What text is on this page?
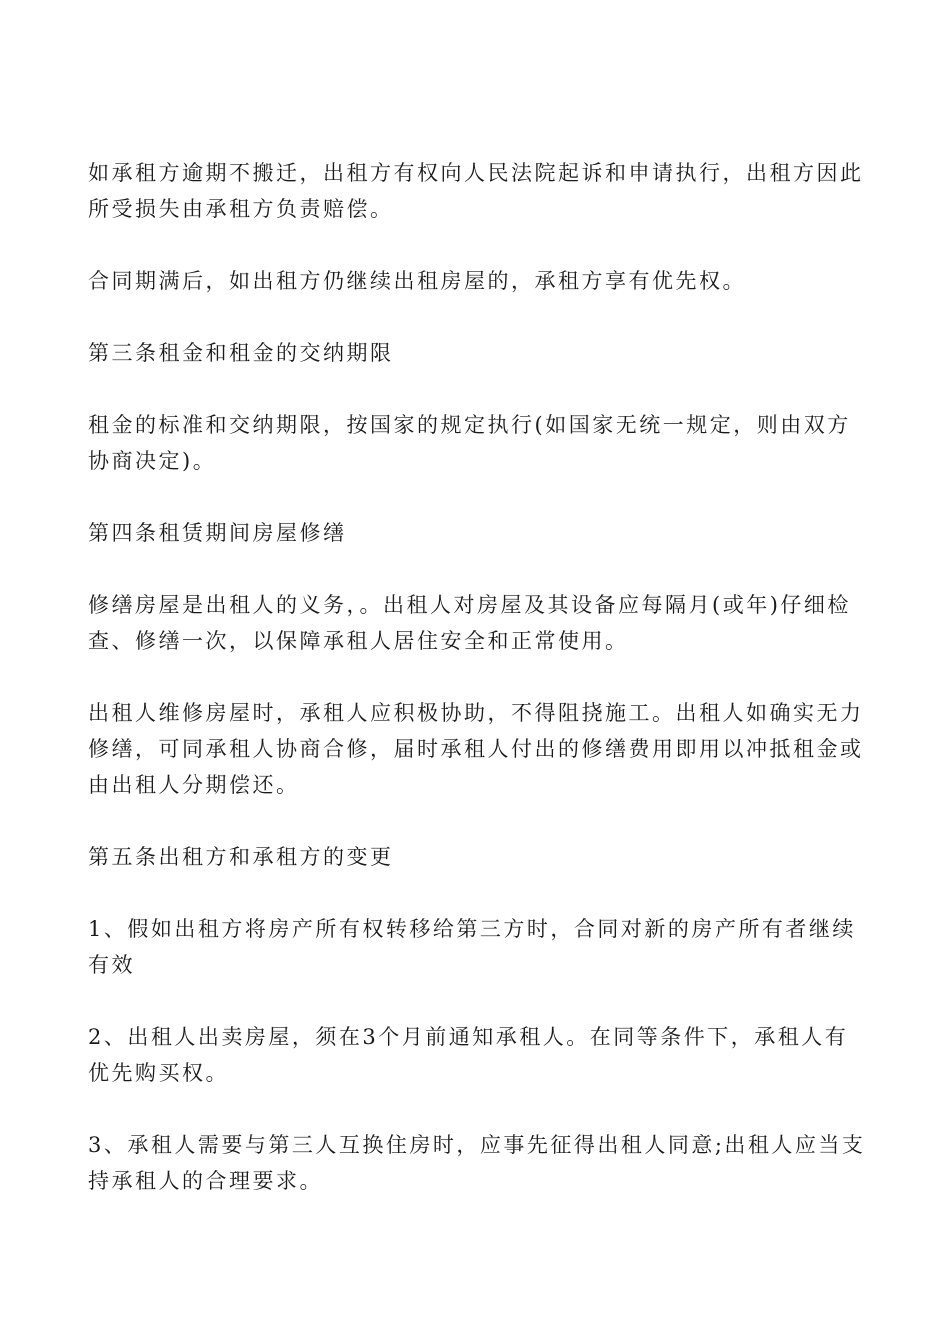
如承租方逾期不搬迁，出租方有权向人民法院起诉和申请执行，出租方因此所受损失由承租方负责赔偿。

合同期满后，如出租方仍继续出租房屋的，承租方享有优先权。

第三条租金和租金的交纳期限

租金的标准和交纳期限，按国家的规定执行(如国家无统一规定，则由双方协商决定)。

第四条租赁期间房屋修缮

修缮房屋是出租人的义务，。出租人对房屋及其设备应每隔月(或年)仔细检查、修缮一次，以保障承租人居住安全和正常使用。

出租人维修房屋时，承租人应积极协助，不得阻挠施工。出租人如确实无力修缮，可同承租人协商合修，届时承租人付出的修缮费用即用以冲抵租金或由出租人分期偿还。

第五条出租方和承租方的变更

1、假如出租方将房产所有权转移给第三方时，合同对新的房产所有者继续有效

2、出租人出卖房屋，须在3个月前通知承租人。在同等条件下，承租人有优先购买权。

3、承租人需要与第三人互换住房时，应事先征得出租人同意;出租人应当支持承租人的合理要求。
